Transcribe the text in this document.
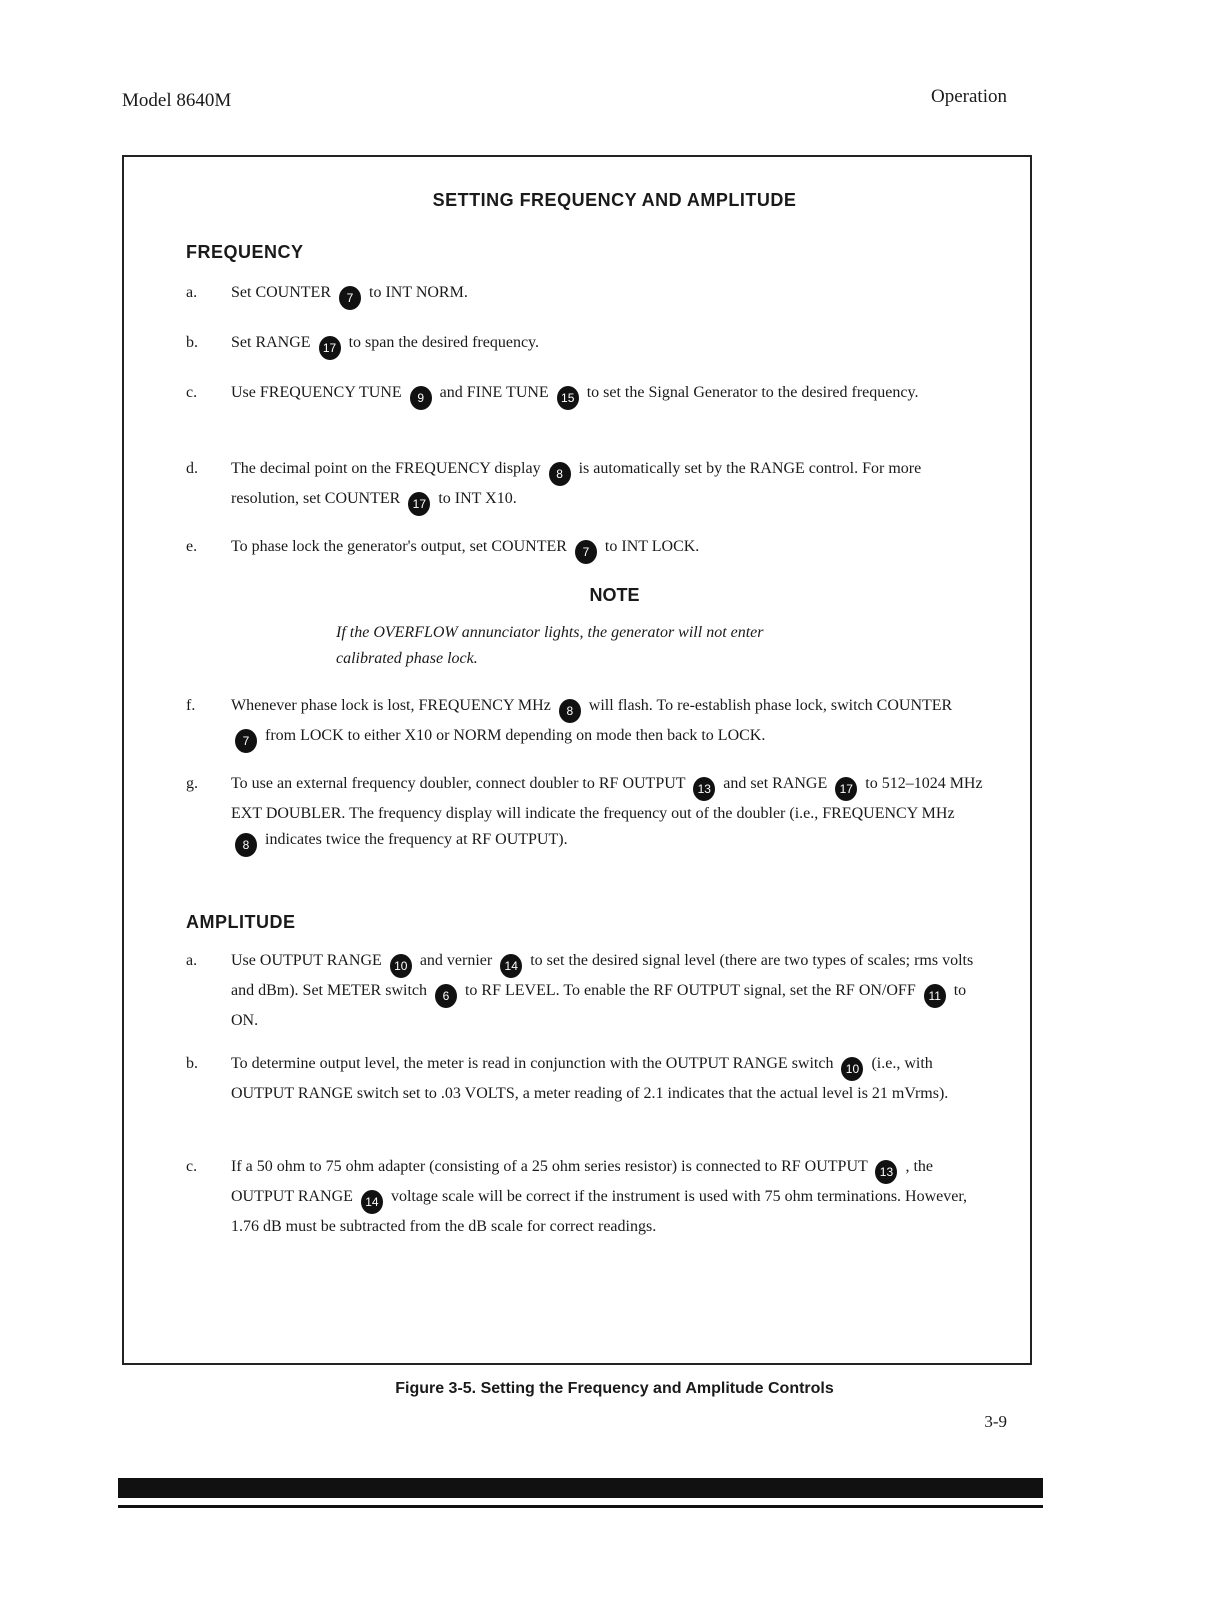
Model 8640M	Operation
SETTING FREQUENCY AND AMPLITUDE
FREQUENCY
a.	Set COUNTER 7 to INT NORM.
b.	Set RANGE 17 to span the desired frequency.
c.	Use FREQUENCY TUNE 9 and FINE TUNE 15 to set the Signal Generator to the desired frequency.
d.	The decimal point on the FREQUENCY display 8 is automatically set by the RANGE control. For more resolution, set COUNTER 17 to INT X10.
e.	To phase lock the generator's output, set COUNTER 7 to INT LOCK.
NOTE
If the OVERFLOW annunciator lights, the generator will not enter calibrated phase lock.
f.	Whenever phase lock is lost, FREQUENCY MHz 8 will flash. To re-establish phase lock, switch COUNTER 7 from LOCK to either X10 or NORM depending on mode then back to LOCK.
g.	To use an external frequency doubler, connect doubler to RF OUTPUT 13 and set RANGE 17 to 512–1024 MHz EXT DOUBLER. The frequency display will indicate the frequency out of the doubler (i.e., FREQUENCY MHz 8 indicates twice the frequency at RF OUTPUT).
AMPLITUDE
a.	Use OUTPUT RANGE 10 and vernier 14 to set the desired signal level (there are two types of scales; rms volts and dBm). Set METER switch 6 to RF LEVEL. To enable the RF OUTPUT signal, set the RF ON/OFF 11 to ON.
b.	To determine output level, the meter is read in conjunction with the OUTPUT RANGE switch 10 (i.e., with OUTPUT RANGE switch set to .03 VOLTS, a meter reading of 2.1 indicates that the actual level is 21 mVrms).
c.	If a 50 ohm to 75 ohm adapter (consisting of a 25 ohm series resistor) is connected to RF OUTPUT 13 , the OUTPUT RANGE 14 voltage scale will be correct if the instrument is used with 75 ohm terminations. However, 1.76 dB must be subtracted from the dB scale for correct readings.
Figure 3-5. Setting the Frequency and Amplitude Controls
3-9
